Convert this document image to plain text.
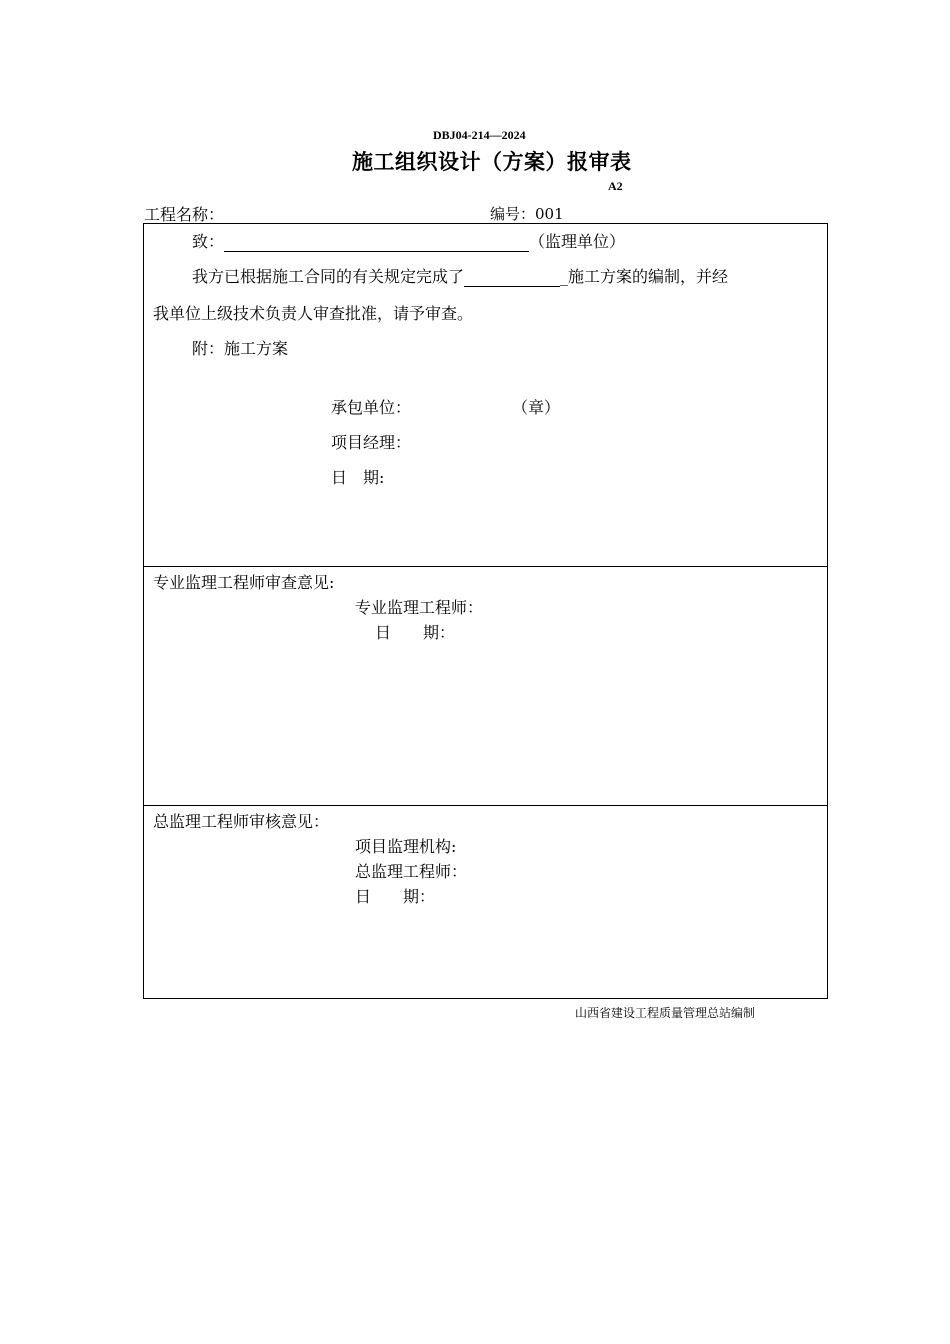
DBJ04-214—2024
施工组织设计（方案）报审表
A2
工程名称：	编号：001
致：	（监理单位）
我方已根据施工合同的有关规定完成了	_施工方案的编制，并经
我单位上级技术负责人审查批准，请予审查。
附：施工方案
承包单位：	（章）
项目经理：
日　期:
专业监理工程师审查意见:
专业监理工程师：
日　　期：
总监理工程师审核意见：
项目监理机构:
总监理工程师：
日　　期：
山西省建设工程质量管理总站编制
